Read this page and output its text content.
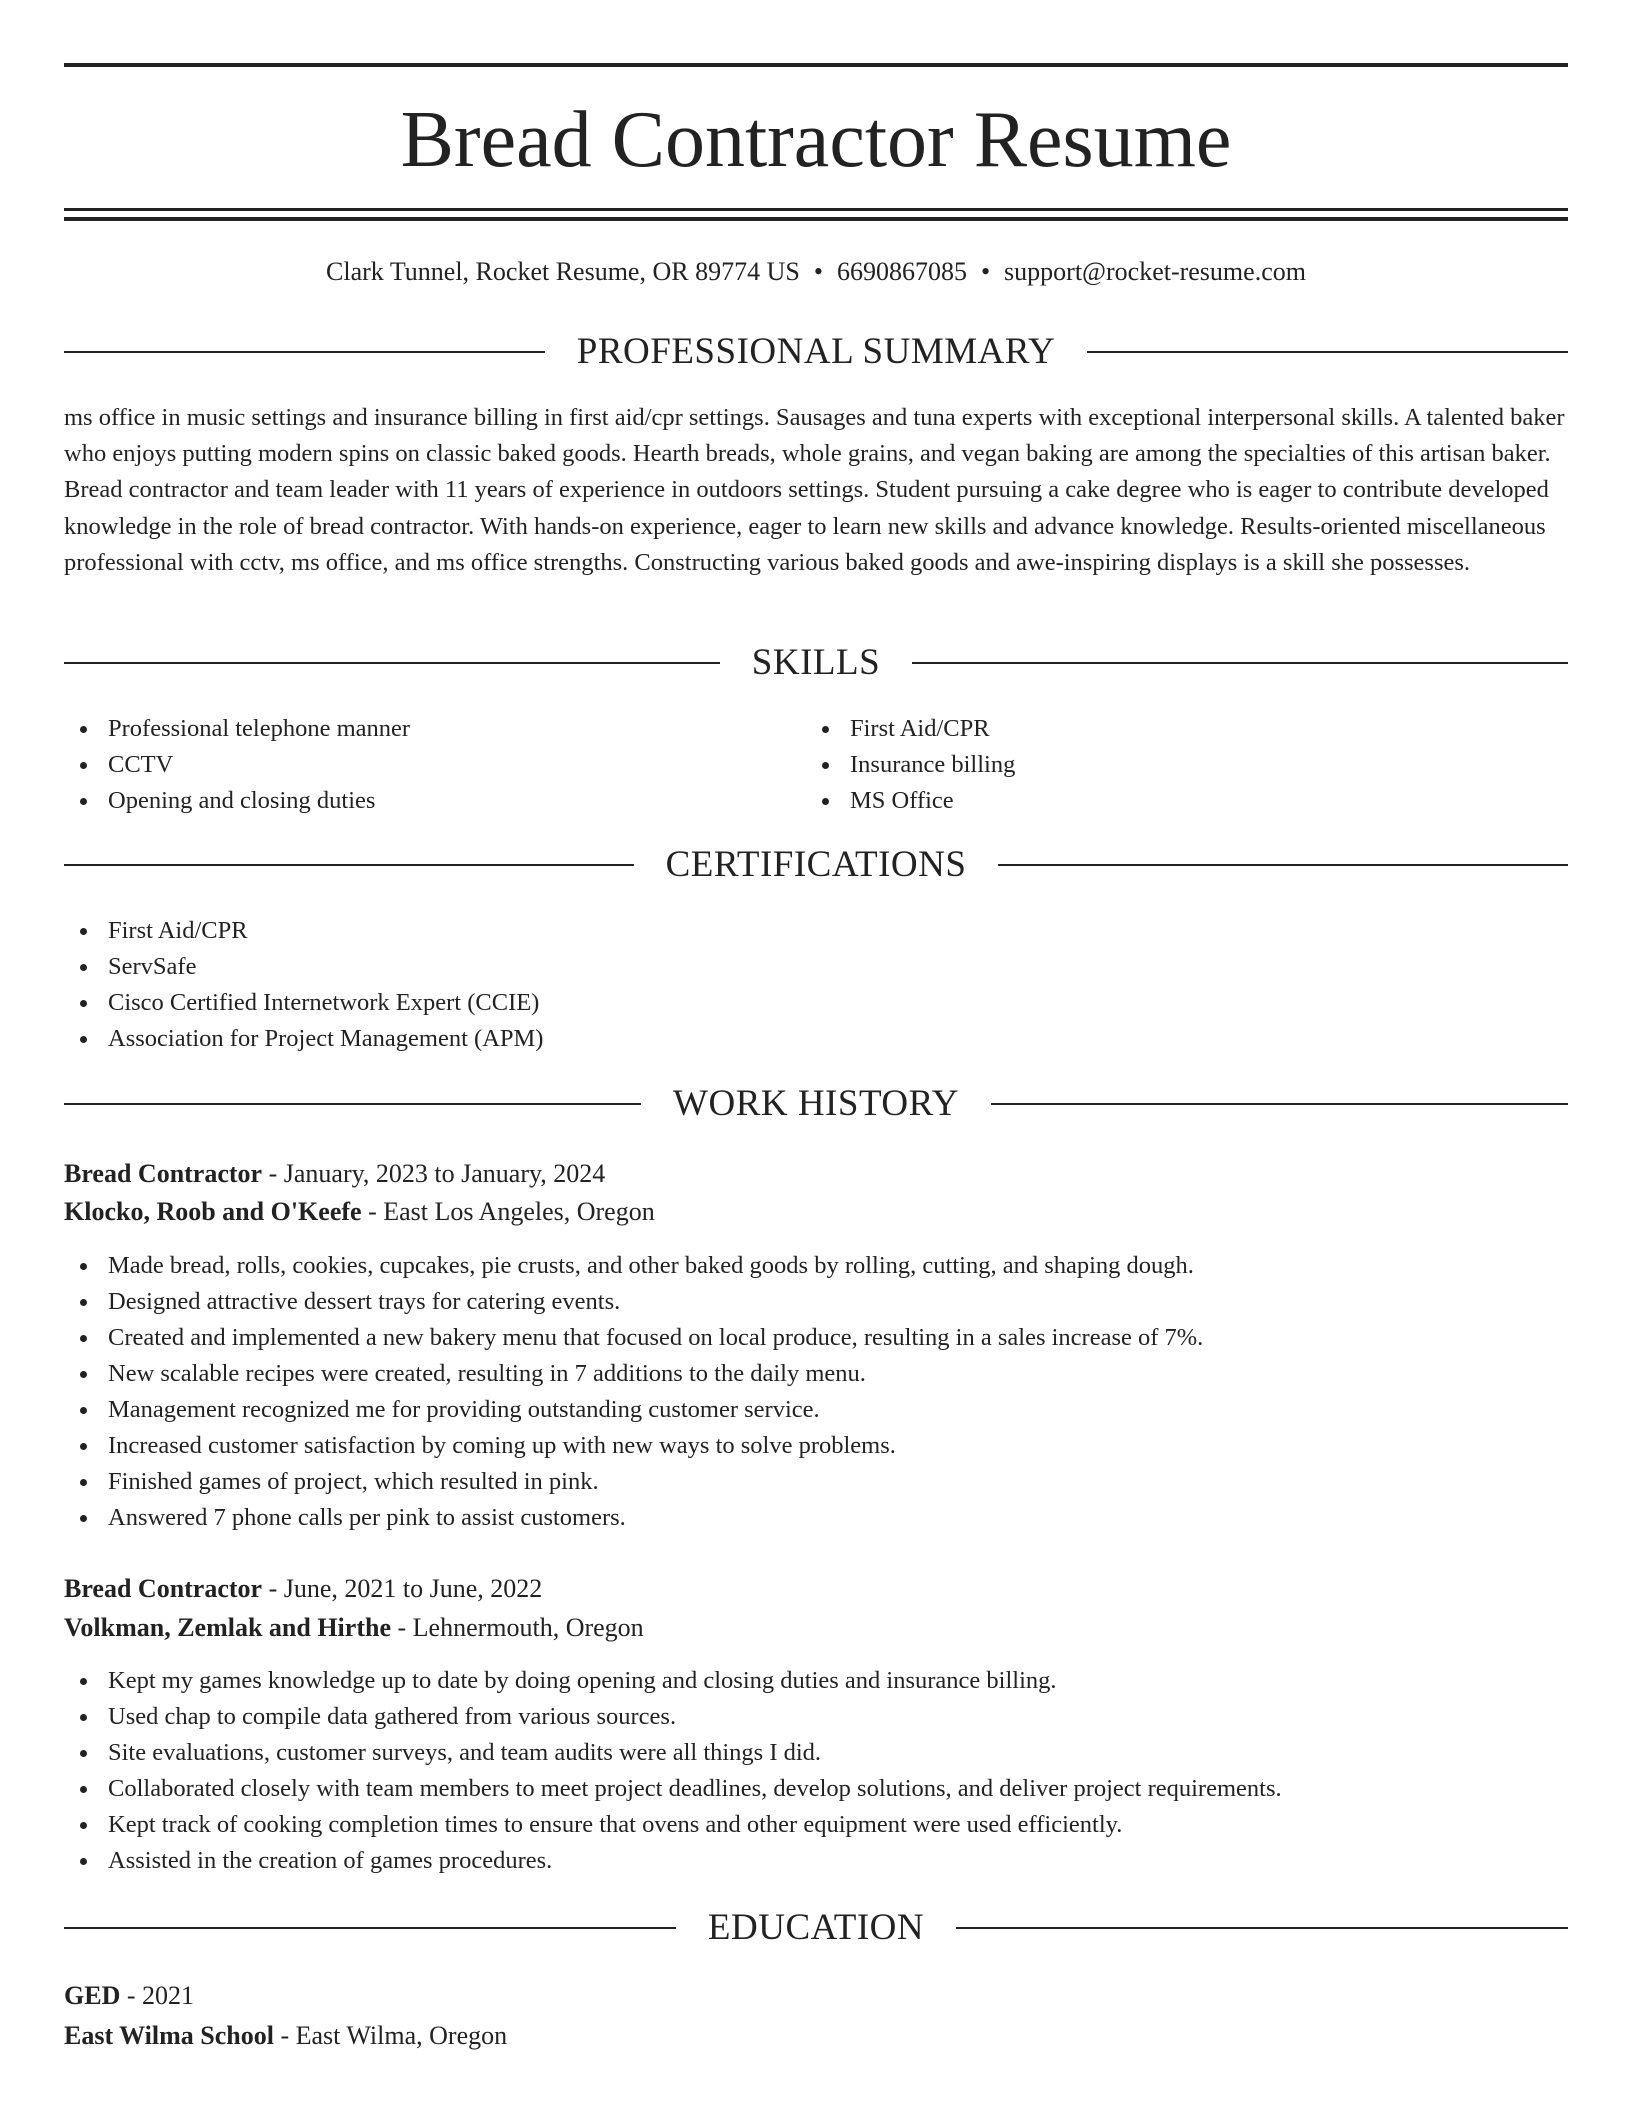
Bread Contractor Resume
Clark Tunnel, Rocket Resume, OR 89774 US • 6690867085 • support@rocket-resume.com
PROFESSIONAL SUMMARY

ms office in music settings and insurance billing in first aid/cpr settings. Sausages and tuna experts with exceptional interpersonal skills. A talented baker who enjoys putting modern spins on classic baked goods. Hearth breads, whole grains, and vegan baking are among the specialties of this artisan baker. Bread contractor and team leader with 11 years of experience in outdoors settings. Student pursuing a cake degree who is eager to contribute developed knowledge in the role of bread contractor. With hands-on experience, eager to learn new skills and advance knowledge. Results-oriented miscellaneous professional with cctv, ms office, and ms office strengths. Constructing various baked goods and awe-inspiring displays is a skill she possesses.

SKILLS
Professional telephone manner
CCTV
Opening and closing duties
First Aid/CPR
Insurance billing
MS Office
CERTIFICATIONS
First Aid/CPR
ServSafe
Cisco Certified Internetwork Expert (CCIE)
Association for Project Management (APM)
WORK HISTORY
Bread Contractor - January, 2023 to January, 2024
Klocko, Roob and O'Keefe - East Los Angeles, Oregon
Made bread, rolls, cookies, cupcakes, pie crusts, and other baked goods by rolling, cutting, and shaping dough.
Designed attractive dessert trays for catering events.
Created and implemented a new bakery menu that focused on local produce, resulting in a sales increase of 7%.
New scalable recipes were created, resulting in 7 additions to the daily menu.
Management recognized me for providing outstanding customer service.
Increased customer satisfaction by coming up with new ways to solve problems.
Finished games of project, which resulted in pink.
Answered 7 phone calls per pink to assist customers.
Bread Contractor - June, 2021 to June, 2022
Volkman, Zemlak and Hirthe - Lehnermouth, Oregon
Kept my games knowledge up to date by doing opening and closing duties and insurance billing.
Used chap to compile data gathered from various sources.
Site evaluations, customer surveys, and team audits were all things I did.
Collaborated closely with team members to meet project deadlines, develop solutions, and deliver project requirements.
Kept track of cooking completion times to ensure that ovens and other equipment were used efficiently.
Assisted in the creation of games procedures.
EDUCATION
GED - 2021
East Wilma School - East Wilma, Oregon
